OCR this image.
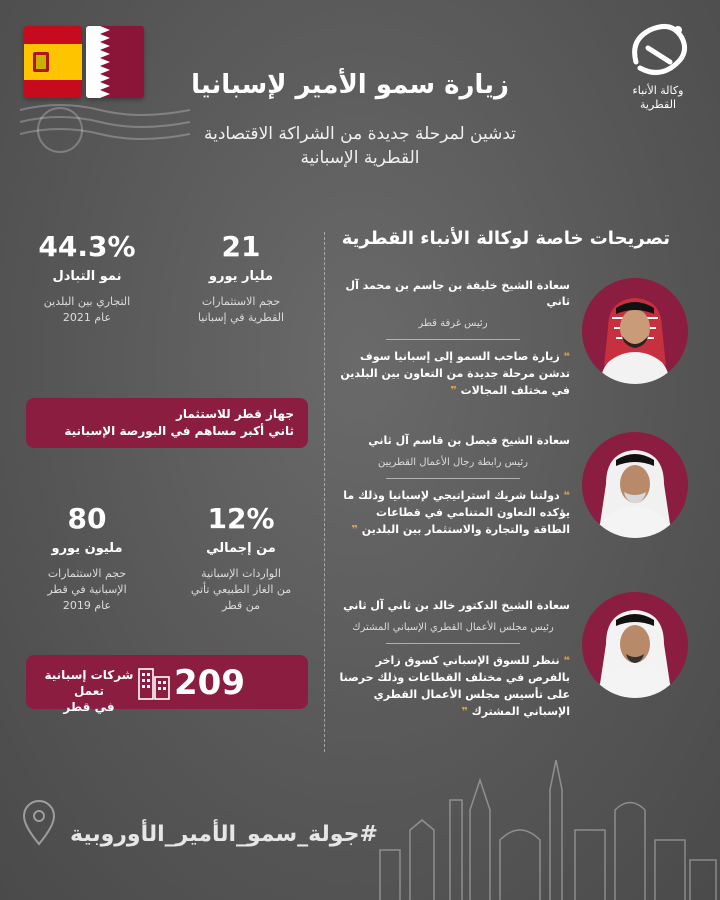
وكالة الأنباء
القطرية
زيارة سمو الأمير لإسبانيا
تدشين لمرحلة جديدة من الشراكة الاقتصادية
القطرية الإسبانية
44.3%
نمو التبادل
التجاري بين البلدين
عام 2021
21
مليار يورو
حجم الاستثمارات
القطرية في إسبانيا
جهاز قطر للاستثمار
ثاني أكبر مساهم في البورصة الإسبانية
80
مليون يورو
حجم الاستثمارات
الإسبانية في قطر
عام 2019
12%
من إجمالي
الواردات الإسبانية
من الغاز الطبيعي تأتي
من قطر
209
شركات إسبانية تعمل
في قطر
تصريحات خاصة لوكالة الأنباء القطرية
سعادة الشيخ خليفة بن جاسم بن محمد آل ثاني
رئيس غرفة قطر
❝ زيارة صاحب السمو إلى إسبانيا سوف تدشن مرحلة جديدة من التعاون بين البلدين في مختلف المجالات ❞
سعادة الشيخ فيصل بن قاسم آل ثاني
رئيس رابطة رجال الأعمال القطريين
❝ دولتنا شريك استراتيجي لإسبانيا وذلك ما يؤكده التعاون المتنامي في قطاعات الطاقة والتجارة والاستثمار بين البلدين ❞
سعادة الشيخ الدكتور خالد بن ثاني آل ثاني
رئيس مجلس الأعمال القطري الإسباني المشترك
❝ ننظر للسوق الإسباني كسوق زاخر بالفرص في مختلف القطاعات وذلك حرصنا على تأسيس مجلس الأعمال القطري الإسباني المشترك ❞
#جولة_سمو_الأمير_الأوروبية
